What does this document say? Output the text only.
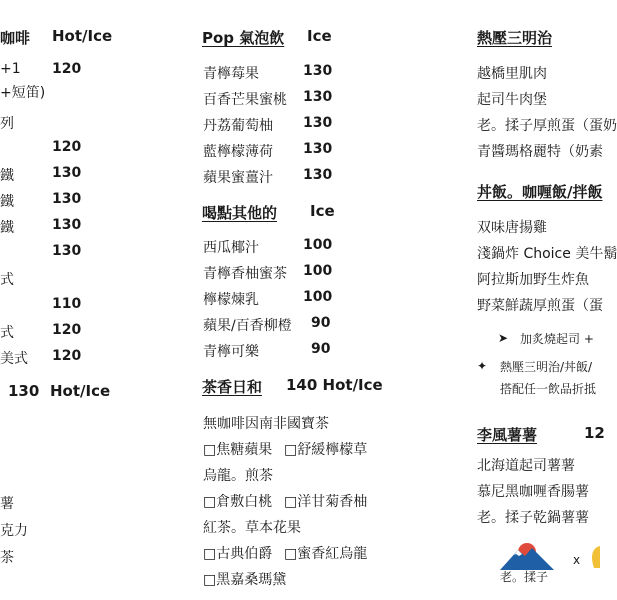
咖啡 Hot/Ice
+1 120
+短笛)
列
120
鐵	130
鐵	130
鐵	130
130
式
110
式	120
美式 120
130 Hot/Ice
薯
克力
茶
Pop 氣泡飲 Ice
青檸莓果	130
百香芒果蜜桃 130
丹荔葡萄柚 130
藍檸檬薄荷 130
蘋果蜜薑汁 130
喝點其他的 Ice
西瓜椰汁	100
青檸香柚蜜茶 100
檸檬煉乳	100
蘋果/百香柳橙 90
青檸可樂	90
茶香日和 140 Hot/Ice
無咖啡因南非國寶茶
□焦糖蘋果 □舒緩檸檬草
烏龍。煎茶
□倉敷白桃 □洋甘菊香柚
紅茶。草本花果
□古典伯爵 □蜜香紅烏龍
□黑嘉桑瑪黛
熱壓三明治
越橋里肌肉
起司牛肉堡
老。揉子厚煎蛋（蛋奶
青醬瑪格麗特（奶素
丼飯。咖喱飯/拌飯
双味唐揚雞
淺鍋炸 Choice 美牛鬍
阿拉斯加野生炸魚
野菜鮮蔬厚煎蛋（蛋
➤ 加炙燒起司 +
✦ 熱壓三明治/丼飯/
搭配任一飲品折抵
李風薯薯	12
北海道起司薯薯
慕尼黑咖喱香腸薯
老。揉子乾鍋薯薯
老。揉子
x
